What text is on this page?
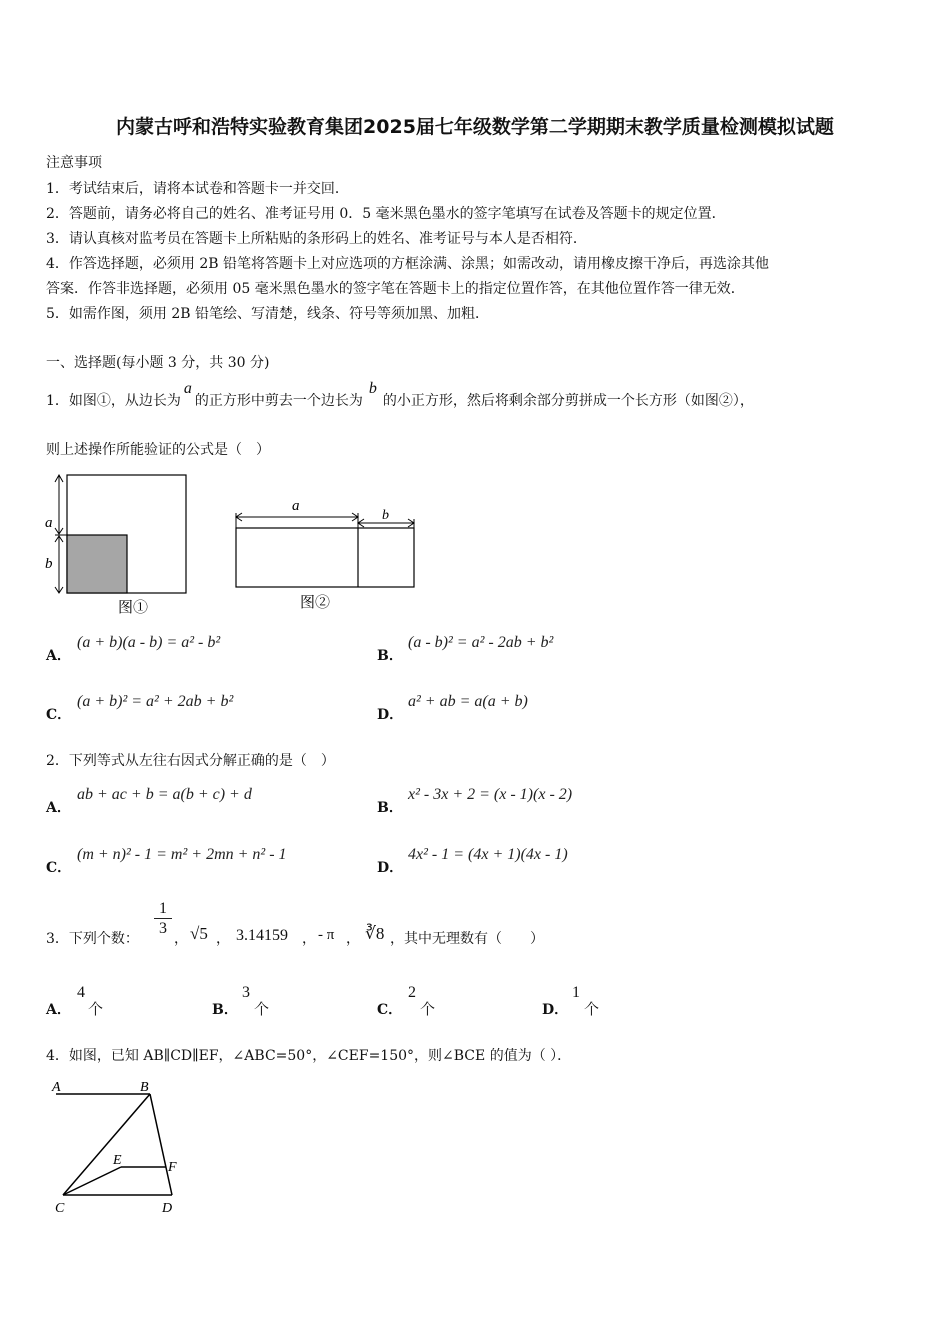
内蒙古呼和浩特实验教育集团2025届七年级数学第二学期期末教学质量检测模拟试题
注意事项
1．考试结束后，请将本试卷和答题卡一并交回．
2．答题前，请务必将自己的姓名、准考证号用 0．5 毫米黑色墨水的签字笔填写在试卷及答题卡的规定位置．
3．请认真核对监考员在答题卡上所粘贴的条形码上的姓名、准考证号与本人是否相符．
4．作答选择题，必须用 2B 铅笔将答题卡上对应选项的方框涂满、涂黑；如需改动，请用橡皮擦干净后，再选涂其他
答案．作答非选择题，必须用 05 毫米黑色墨水的签字笔在答题卡上的指定位置作答，在其他位置作答一律无效．
5．如需作图，须用 2B 铅笔绘、写清楚，线条、符号等须加黑、加粗．
一、选择题(每小题 3 分，共 30 分)
1．如图①，从边长为a的正方形中剪去一个边长为b的小正方形，然后将剩余部分剪拼成一个长方形（如图②），
则上述操作所能验证的公式是（　）
a
b
图①
a
b
图②
A．
(a + b)(a - b) = a² - b²
B．
(a - b)² = a² - 2ab + b²
C．
(a + b)² = a² + 2ab + b²
D．
a² + ab = a(a + b)
2．下列等式从左往右因式分解正确的是（　）
A．
ab + ac + b = a(b + c) + d
B．
x² - 3x + 2 = (x - 1)(x - 2)
C．
(m + n)² - 1 = m² + 2mn + n² - 1
D．
4x² - 1 = (4x + 1)(4x - 1)
3．下列个数： $\frac{1}{3}$ ， √5 ， 3.14159 ， - π ， ∛8 ，其中无理数有（　　）
A．
4
个	B．
3
个	C．
2
个	D．
1
个
4．如图，已知 AB∥CD∥EF，∠ABC=50°，∠CEF=150°，则∠BCE 的值为（ ）．
A	B
E	F
C	D
